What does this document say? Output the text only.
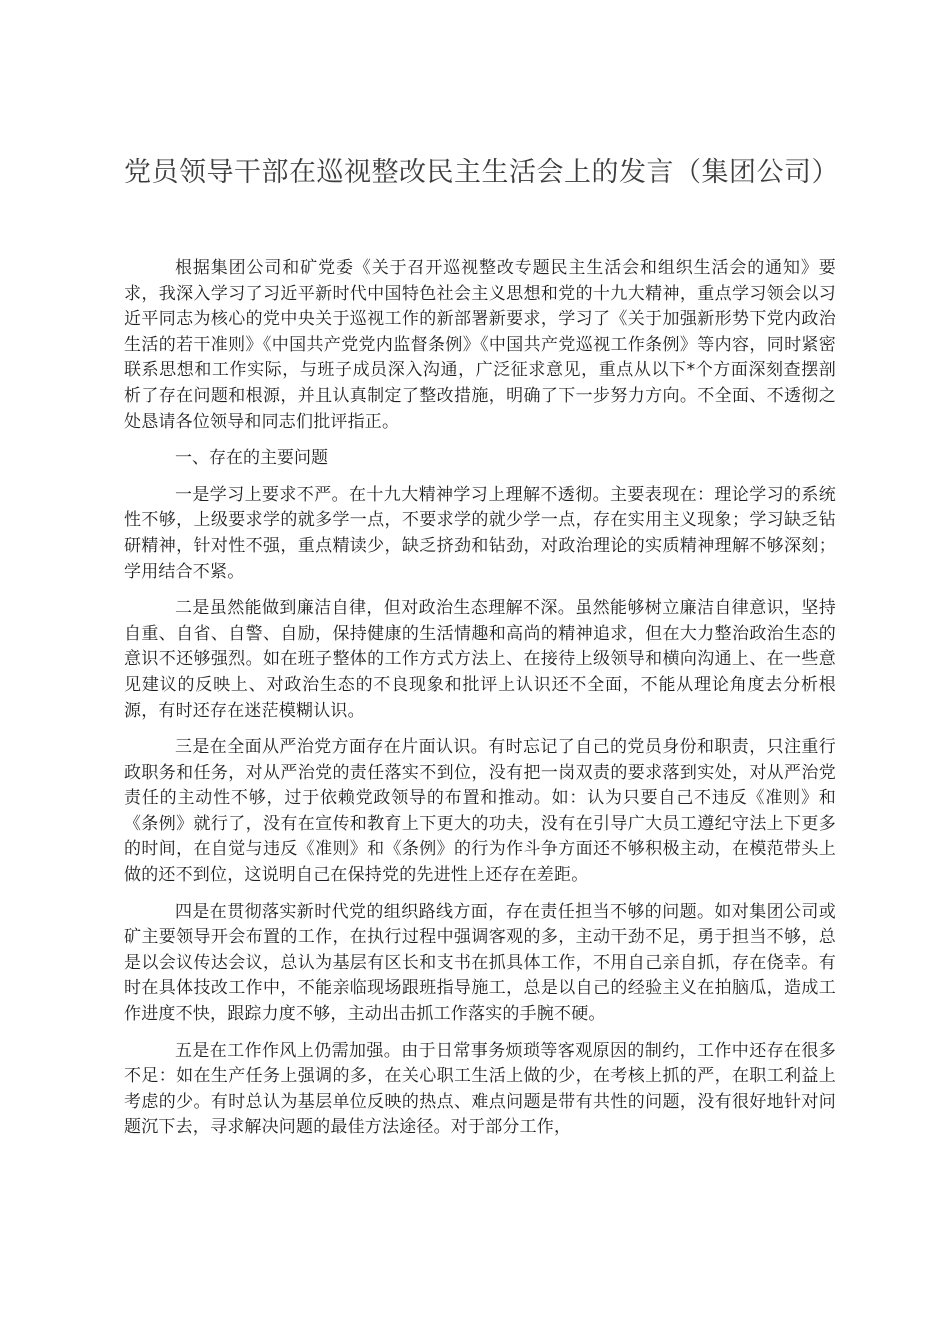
党员领导干部在巡视整改民主生活会上的发言（集团公司）

根据集团公司和矿党委《关于召开巡视整改专题民主生活会和组织生活会的通知》要求，我深入学习了习近平新时代中国特色社会主义思想和党的十九大精神，重点学习领会以习近平同志为核心的党中央关于巡视工作的新部署新要求，学习了《关于加强新形势下党内政治生活的若干准则》《中国共产党党内监督条例》《中国共产党巡视工作条例》等内容，同时紧密联系思想和工作实际，与班子成员深入沟通，广泛征求意见，重点从以下*个方面深刻查摆剖析了存在问题和根源，并且认真制定了整改措施，明确了下一步努力方向。不全面、不透彻之处恳请各位领导和同志们批评指正。

一、存在的主要问题

一是学习上要求不严。在十九大精神学习上理解不透彻。主要表现在：理论学习的系统性不够，上级要求学的就多学一点，不要求学的就少学一点，存在实用主义现象；学习缺乏钻研精神，针对性不强，重点精读少，缺乏挤劲和钻劲，对政治理论的实质精神理解不够深刻；学用结合不紧。

二是虽然能做到廉洁自律，但对政治生态理解不深。虽然能够树立廉洁自律意识，坚持自重、自省、自警、自励，保持健康的生活情趣和高尚的精神追求，但在大力整治政治生态的意识不还够强烈。如在班子整体的工作方式方法上、在接待上级领导和横向沟通上、在一些意见建议的反映上、对政治生态的不良现象和批评上认识还不全面，不能从理论角度去分析根源，有时还存在迷茫模糊认识。

三是在全面从严治党方面存在片面认识。有时忘记了自己的党员身份和职责，只注重行政职务和任务，对从严治党的责任落实不到位，没有把一岗双责的要求落到实处，对从严治党责任的主动性不够，过于依赖党政领导的布置和推动。如：认为只要自己不违反《准则》和《条例》就行了，没有在宣传和教育上下更大的功夫，没有在引导广大员工遵纪守法上下更多的时间，在自觉与违反《准则》和《条例》的行为作斗争方面还不够积极主动，在模范带头上做的还不到位，这说明自己在保持党的先进性上还存在差距。

四是在贯彻落实新时代党的组织路线方面，存在责任担当不够的问题。如对集团公司或矿主要领导开会布置的工作，在执行过程中强调客观的多，主动干劲不足，勇于担当不够，总是以会议传达会议，总认为基层有区长和支书在抓具体工作，不用自己亲自抓，存在侥幸。有时在具体技改工作中，不能亲临现场跟班指导施工，总是以自己的经验主义在拍脑瓜，造成工作进度不快，跟踪力度不够，主动出击抓工作落实的手腕不硬。

五是在工作作风上仍需加强。由于日常事务烦琐等客观原因的制约，工作中还存在很多不足：如在生产任务上强调的多，在关心职工生活上做的少，在考核上抓的严，在职工利益上考虑的少。有时总认为基层单位反映的热点、难点问题是带有共性的问题，没有很好地针对问题沉下去，寻求解决问题的最佳方法途径。对于部分工作，
